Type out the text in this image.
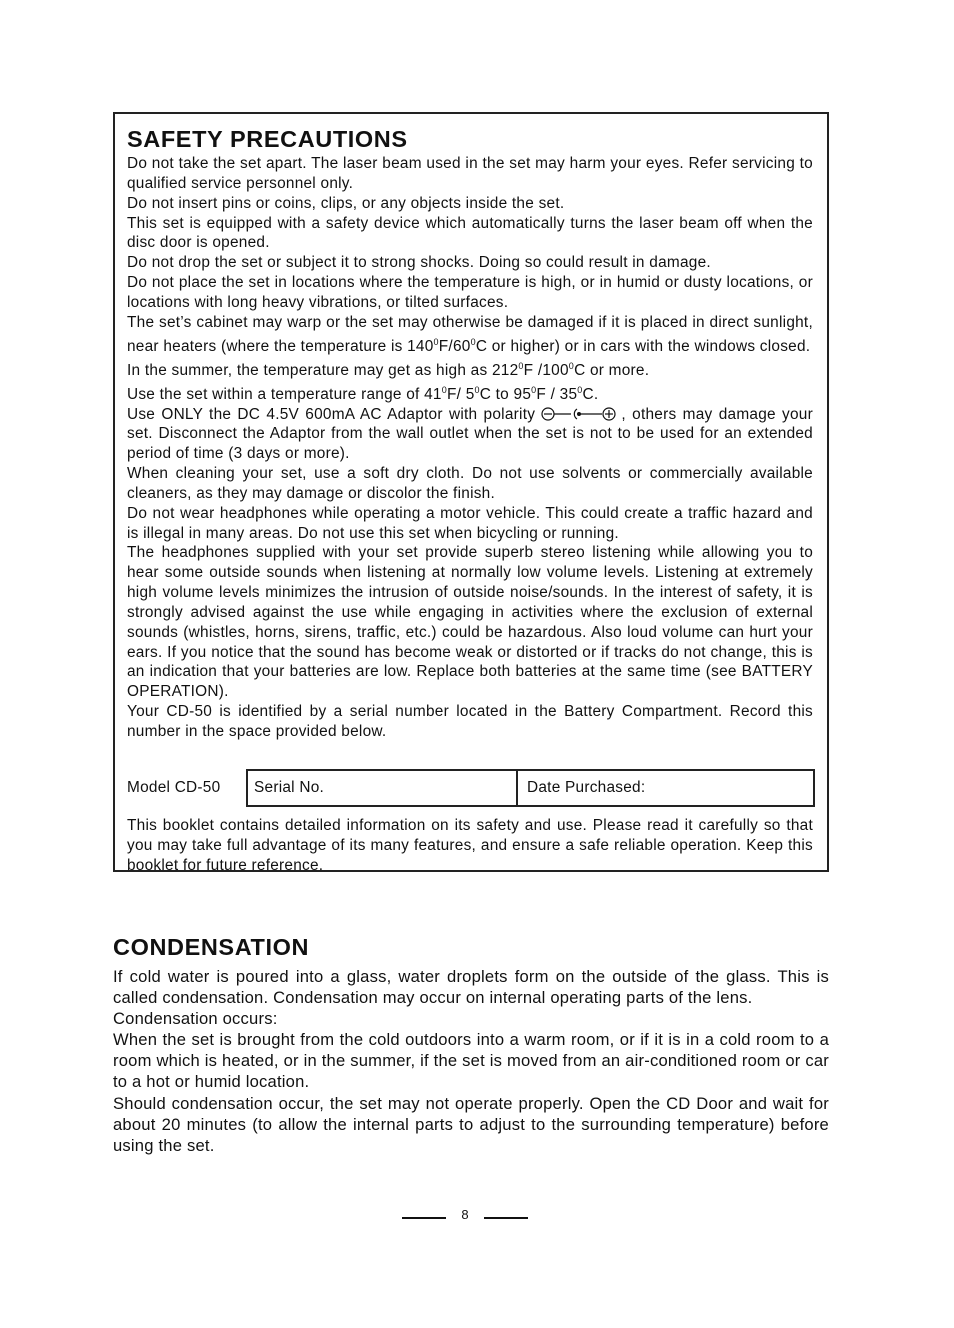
SAFETY PRECAUTIONS

Do not take the set apart. The laser beam used in the set may harm your eyes. Refer servicing to qualified service personnel only.

Do not insert pins or coins, clips, or any objects inside the set.

This set is equipped with a safety device which automatically turns the laser beam off when the disc door is opened.

Do not drop the set or subject it to strong shocks. Doing so could result in damage.

Do not place the set in locations where the temperature is high, or in humid or dusty locations, or locations with long heavy vibrations, or tilted surfaces.

The set’s cabinet may warp or the set may otherwise be damaged if it is placed in direct sunlight, near heaters (where the temperature is $140^0F/60^0C$ or higher) or in cars with the windows closed.

In the summer, the temperature may get as high as $212^0F$ $/100^0C$ or more.

Use the set within a temperature range of $41^0F/$ $5^0C$ to $95^0F / 35^0C$.

Use ONLY the DC 4.5V 600mA AC Adaptor with polarity	, others may damage your set. Disconnect the Adaptor from the wall outlet when the set is not to be used for an extended period of time (3 days or more).

When cleaning your set, use a soft dry cloth. Do not use solvents or commercially available cleaners, as they may damage or discolor the finish.

Do not wear headphones while operating a motor vehicle. This could create a traffic hazard and is illegal in many areas. Do not use this set when bicycling or running.

The headphones supplied with your set provide superb stereo listening while allowing you to hear some outside sounds when listening at normally low volume levels. Listening at extremely high volume levels minimizes the intrusion of outside noise/sounds. In the interest of safety, it is strongly advised against the use while engaging in activities where the exclusion of external sounds (whistles, horns, sirens, traffic, etc.) could be hazardous. Also loud volume can hurt your ears. If you notice that the sound has become weak or distorted or if tracks do not change, this is an indication that your batteries are low. Replace both batteries at the same time (see BATTERY OPERATION).

Your CD-50 is identified by a serial number located in the Battery Compartment. Record this number in the space provided below.

Model CD-50	Serial No.	Date Purchased:

This booklet contains detailed information on its safety and use. Please read it carefully so that you may take full advantage of its many features, and ensure a safe reliable operation. Keep this booklet for future reference.

CONDENSATION

If cold water is poured into a glass, water droplets form on the outside of the glass. This is called condensation. Condensation may occur on internal operating parts of the lens.

Condensation occurs:

When the set is brought from the cold outdoors into a warm room, or if it is in a cold room to a room which is heated, or in the summer, if the set is moved from an air-conditioned room or car to a hot or humid location.

Should condensation occur, the set may not operate properly. Open the CD Door and wait for about 20 minutes (to allow the internal parts to adjust to the surrounding temperature) before using the set.

8
